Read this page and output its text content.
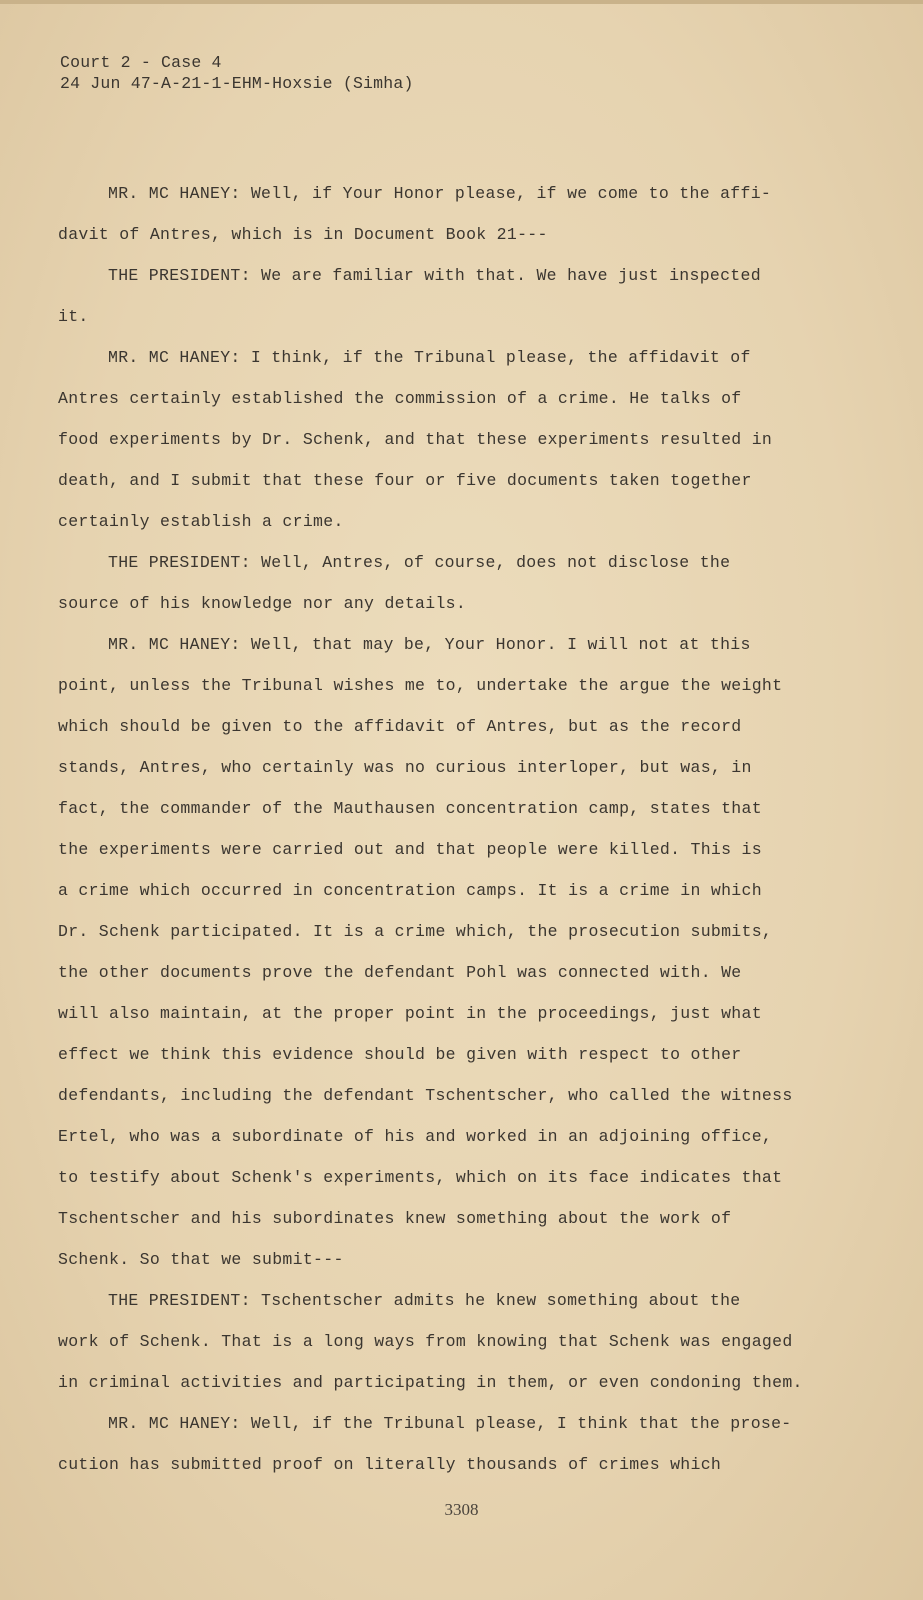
Court 2 - Case 4
24 Jun 47-A-21-1-EHM-Hoxsie (Simha)
MR. MC HANEY: Well, if Your Honor please, if we come to the affi-
davit of Antres, which is in Document Book 21---
THE PRESIDENT: We are familiar with that. We have just inspected
it.
MR. MC HANEY: I think, if the Tribunal please, the affidavit of
Antres certainly established the commission of a crime. He talks of
food experiments by Dr. Schenk, and that these experiments resulted in
death, and I submit that these four or five documents taken together
certainly establish a crime.
THE PRESIDENT: Well, Antres, of course, does not disclose the
source of his knowledge nor any details.
MR. MC HANEY: Well, that may be, Your Honor. I will not at this
point, unless the Tribunal wishes me to, undertake the argue the weight
which should be given to the affidavit of Antres, but as the record
stands, Antres, who certainly was no curious interloper, but was, in
fact, the commander of the Mauthausen concentration camp, states that
the experiments were carried out and that people were killed. This is
a crime which occurred in concentration camps. It is a crime in which
Dr. Schenk participated. It is a crime which, the prosecution submits,
the other documents prove the defendant Pohl was connected with. We
will also maintain, at the proper point in the proceedings, just what
effect we think this evidence should be given with respect to other
defendants, including the defendant Tschentscher, who called the witness
Ertel, who was a subordinate of his and worked in an adjoining office,
to testify about Schenk's experiments, which on its face indicates that
Tschentscher and his subordinates knew something about the work of
Schenk. So that we submit---
THE PRESIDENT: Tschentscher admits he knew something about the
work of Schenk. That is a long ways from knowing that Schenk was engaged
in criminal activities and participating in them, or even condoning them.
MR. MC HANEY: Well, if the Tribunal please, I think that the prose-
cution has submitted proof on literally thousands of crimes which
3308
